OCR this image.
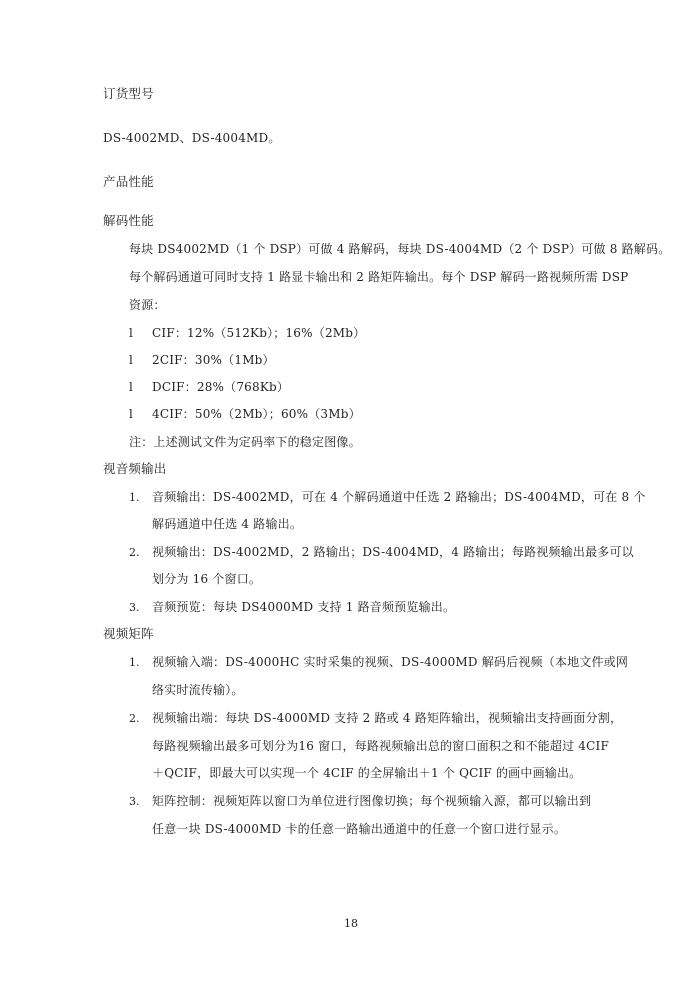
订货型号
DS-4002MD、DS-4004MD。
产品性能
解码性能
每块 DS4002MD（1 个 DSP）可做 4 路解码，每块 DS-4004MD（2 个 DSP）可做 8 路解码。
每个解码通道可同时支持 1 路显卡输出和 2 路矩阵输出。每个 DSP 解码一路视频所需 DSP
资源：
l CIF：12%（512Kb）；16%（2Mb）
l 2CIF：30%（1Mb）
l DCIF：28%（768Kb）
l 4CIF：50%（2Mb）；60%（3Mb）
注：上述测试文件为定码率下的稳定图像。
视音频输出
1. 音频输出：DS-4002MD，可在 4 个解码通道中任选 2 路输出；DS-4004MD，可在 8 个
解码通道中任选 4 路输出。
2. 视频输出：DS-4002MD，2 路输出；DS-4004MD，4 路输出；每路视频输出最多可以
划分为 16 个窗口。
3. 音频预览：每块 DS4000MD 支持 1 路音频预览输出。
视频矩阵
1. 视频输入端：DS-4000HC 实时采集的视频、DS-4000MD 解码后视频（本地文件或网
络实时流传输）。
2. 视频输出端：每块 DS-4000MD 支持 2 路或 4 路矩阵输出，视频输出支持画面分割，
每路视频输出最多可划分为16 窗口，每路视频输出总的窗口面积之和不能超过 4CIF
＋QCIF，即最大可以实现一个 4CIF 的全屏输出＋1 个 QCIF 的画中画输出。
3. 矩阵控制：视频矩阵以窗口为单位进行图像切换；每个视频输入源，都可以输出到
任意一块 DS-4000MD 卡的任意一路输出通道中的任意一个窗口进行显示。
18
